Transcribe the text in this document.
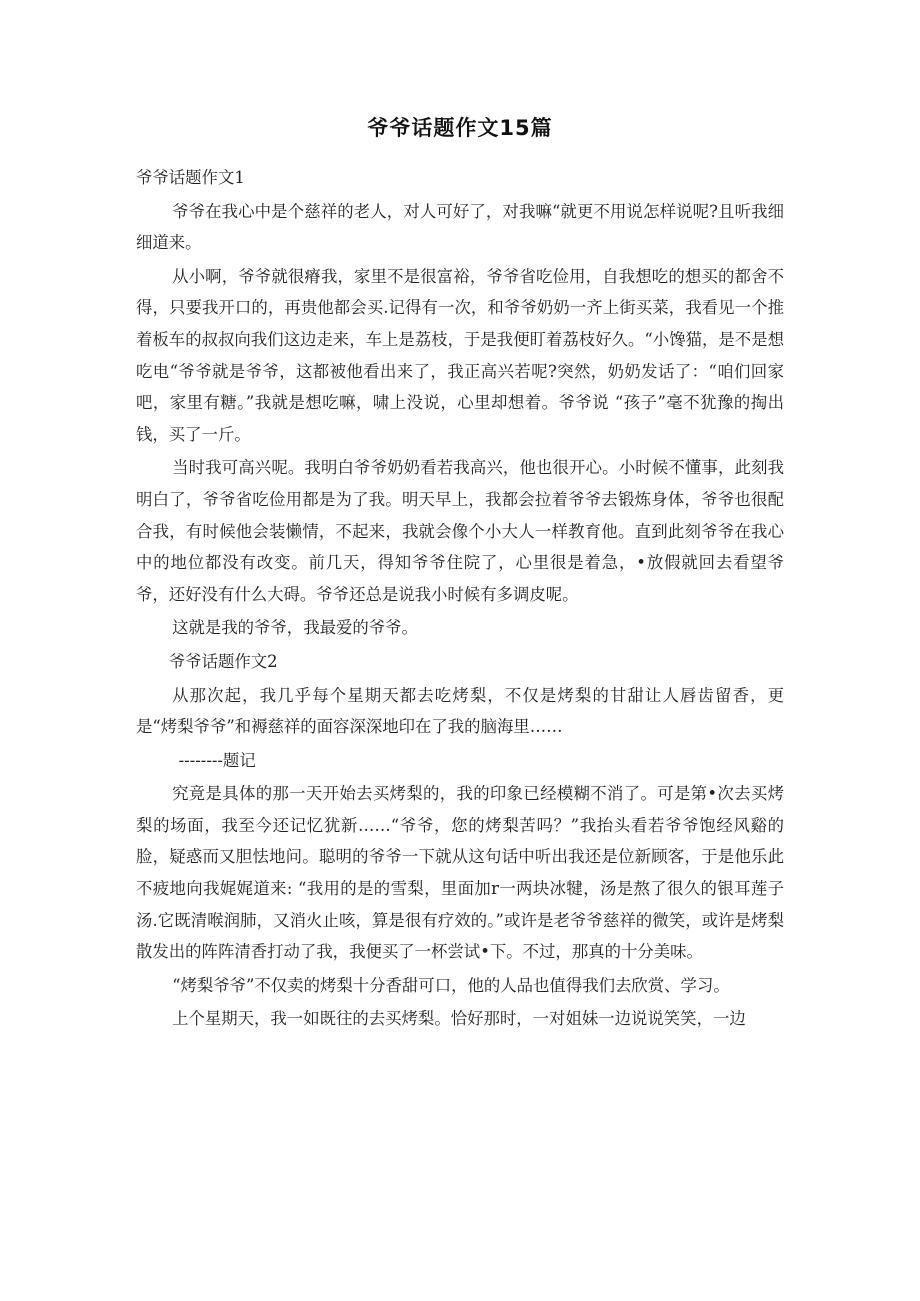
爷爷话题作文15篇

爷爷话题作文1

爷爷在我心中是个慈祥的老人，对人可好了，对我嘛“就更不用说怎样说呢?且听我细细道来。

从小啊，爷爷就很瘠我，家里不是很富裕，爷爷省吃俭用，自我想吃的想买的都舍不得，只要我开口的，再贵他都会买.记得有一次，和爷爷奶奶一齐上街买菜，我看见一个推着板车的叔叔向我们这边走来，车上是荔枝，于是我便盯着荔枝好久。“小馋猫，是不是想吃电“爷爷就是爷爷，这都被他看出来了，我正高兴若呢?突然，奶奶发话了：“咱们回家吧，家里有糖。”我就是想吃嘛，啸上没说，心里却想着。爷爷说 “孩子”毫不犹豫的掏出钱，买了一斤。

当时我可高兴呢。我明白爷爷奶奶看若我高兴，他也很开心。小时候不懂事，此刻我明白了，爷爷省吃俭用都是为了我。明天早上，我都会拉着爷爷去锻炼身体，爷爷也很配合我，有时候他会装懒情，不起来，我就会像个小大人一样教育他。直到此刻爷爷在我心中的地位都没有改变。前几天，得知爷爷住院了，心里很是着急，•放假就回去看望爷爷，还好没有什么大碍。爷爷还总是说我小时候有多调皮呢。

这就是我的爷爷，我最爱的爷爷。

爷爷话题作文2

从那次起，我几乎每个星期天都去吃烤梨，不仅是烤梨的甘甜让人唇齿留香，更是“烤梨爷爷”和褥慈祥的面容深深地印在了我的脑海里……

--------题记

究竟是具体的那一天开始去买烤梨的，我的印象已经模糊不消了。可是第•次去买烤梨的场面，我至今还记忆犹新……“爷爷，您的烤梨苦吗？”我抬头看若爷爷饱经风谿的脸，疑惑而又胆怯地问。聪明的爷爷一下就从这句话中听出我还是位新顾客，于是他乐此不疲地向我娓娓道来: “我用的是的雪梨，里面加r一两块冰犍，汤是熬了很久的银耳莲子汤.它既清喉润肺，又消火止咳，算是很有疗效的。”或许是老爷爷慈祥的微笑，或许是烤梨散发出的阵阵清香打动了我，我便买了一杯尝试•下。不过，那真的十分美味。

“烤梨爷爷”不仅卖的烤梨十分香甜可口，他的人品也值得我们去欣赏、学习。

上个星期天，我一如既往的去买烤梨。恰好那时，一对姐妹一边说说笑笑，一边
